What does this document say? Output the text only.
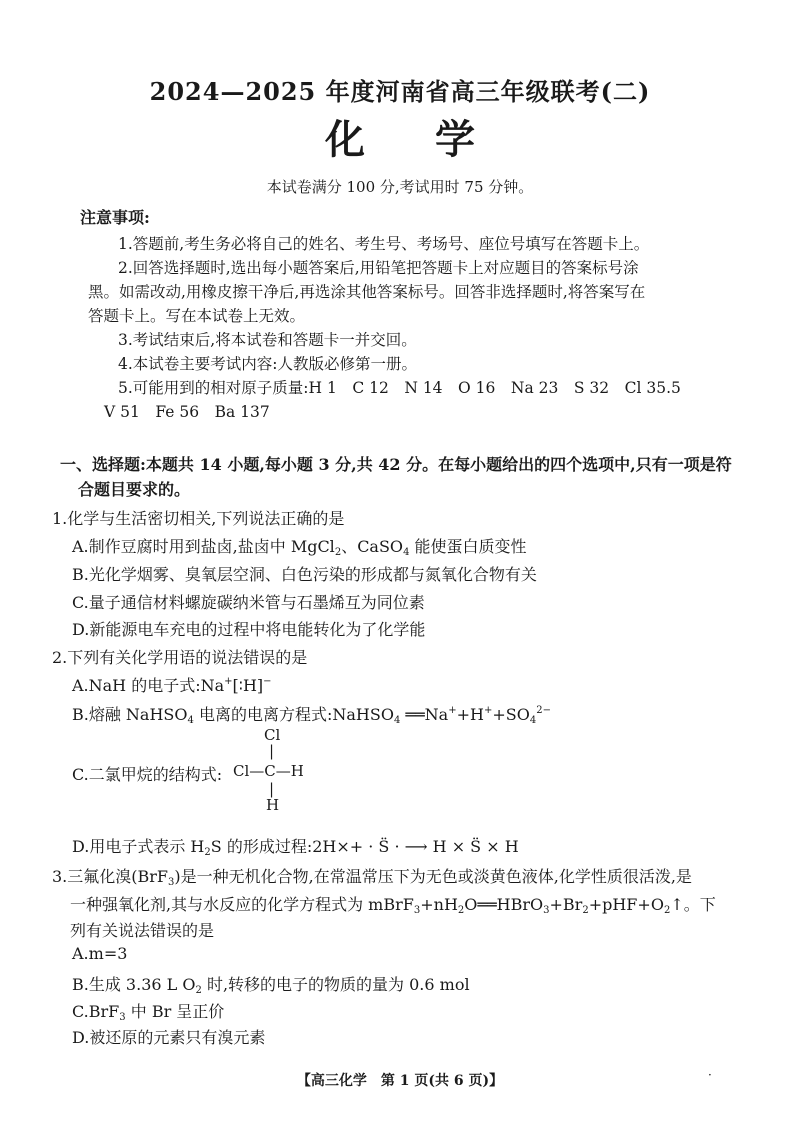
2024—2025 年度河南省高三年级联考(二)
化 学
本试卷满分 100 分,考试用时 75 分钟。
注意事项:
1.答题前,考生务必将自己的姓名、考生号、考场号、座位号填写在答题卡上。
2.回答选择题时,选出每小题答案后,用铅笔把答题卡上对应题目的答案标号涂
黑。如需改动,用橡皮擦干净后,再选涂其他答案标号。回答非选择题时,将答案写在
答题卡上。写在本试卷上无效。
3.考试结束后,将本试卷和答题卡一并交回。
4.本试卷主要考试内容:人教版必修第一册。
5.可能用到的相对原子质量:H 1　C 12　N 14　O 16　Na 23　S 32　Cl 35.5
V 51　Fe 56　Ba 137
一、选择题:本题共 14 小题,每小题 3 分,共 42 分。在每小题给出的四个选项中,只有一项是符
合题目要求的。
1.化学与生活密切相关,下列说法正确的是
A.制作豆腐时用到盐卤,盐卤中 MgCl$_2$、CaSO$_4$ 能使蛋白质变性
B.光化学烟雾、臭氧层空洞、白色污染的形成都与氮氧化合物有关
C.量子通信材料螺旋碳纳米管与石墨烯互为同位素
D.新能源电车充电的过程中将电能转化为了化学能
2.下列有关化学用语的说法错误的是
A.NaH 的电子式:Na+[∶H]−
B.熔融 NaHSO$_4$ 电离的电离方程式:NaHSO$_4$ $══Na^++H^++SO_4^{2-}$
C.二氯甲烷的结构式:
Cl
|
Cl—C—H
|
H
D.用电子式表示 $H_2S$ 的形成过程:2H×+ · S̈ · ⟶ H × S̈ × H
3.三氟化溴(BrF$_3$)是一种无机化合物,在常温常压下为无色或淡黄色液体,化学性质很活泼,是
一种强氧化剂,其与水反应的化学方程式为 $mBrF_3+nH_2O══HBrO_3+Br_2+pHF+O_2↑$。下
列有关说法错误的是
A.m=3
B.生成 3.36 L $O_2$ 时,转移的电子的物质的量为 0.6 mol
C.BrF$_3$ 中 Br 呈正价
D.被还原的元素只有溴元素
【高三化学　第 1 页(共 6 页)】	·
